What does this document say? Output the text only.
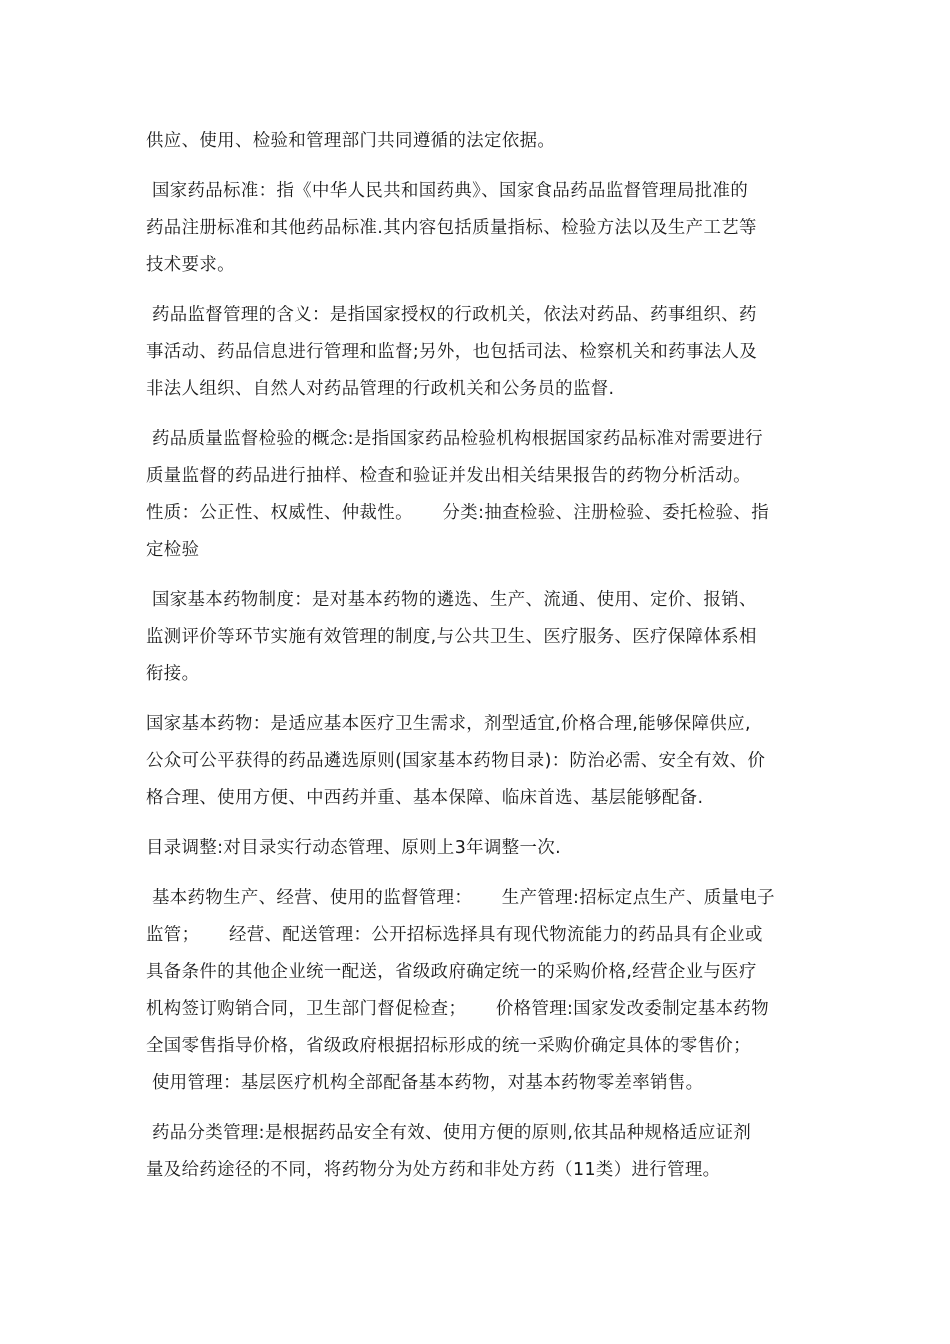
供应、使用、检验和管理部门共同遵循的法定依据。

国家药品标准：指《中华人民共和国药典》、国家食品药品监督管理局批准的
药品注册标准和其他药品标准.其内容包括质量指标、检验方法以及生产工艺等
技术要求。

药品监督管理的含义：是指国家授权的行政机关，依法对药品、药事组织、药
事活动、药品信息进行管理和监督;另外，也包括司法、检察机关和药事法人及
非法人组织、自然人对药品管理的行政机关和公务员的监督.

药品质量监督检验的概念:是指国家药品检验机构根据国家药品标准对需要进行
质量监督的药品进行抽样、检查和验证并发出相关结果报告的药物分析活动。
性质：公正性、权威性、仲裁性。     分类:抽查检验、注册检验、委托检验、指
定检验

国家基本药物制度：是对基本药物的遴选、生产、流通、使用、定价、报销、
监测评价等环节实施有效管理的制度,与公共卫生、医疗服务、医疗保障体系相
衔接。

国家基本药物：是适应基本医疗卫生需求，剂型适宜,价格合理,能够保障供应,
公众可公平获得的药品遴选原则(国家基本药物目录)：防治必需、安全有效、价
格合理、使用方便、中西药并重、基本保障、临床首选、基层能够配备.

目录调整:对目录实行动态管理、原则上3年调整一次.

基本药物生产、经营、使用的监督管理：     生产管理:招标定点生产、质量电子
监管；     经营、配送管理：公开招标选择具有现代物流能力的药品具有企业或
具备条件的其他企业统一配送，省级政府确定统一的采购价格,经营企业与医疗
机构签订购销合同，卫生部门督促检查；     价格管理:国家发改委制定基本药物
全国零售指导价格，省级政府根据招标形成的统一采购价确定具体的零售价；
使用管理：基层医疗机构全部配备基本药物，对基本药物零差率销售。

药品分类管理:是根据药品安全有效、使用方便的原则,依其品种规格适应证剂
量及给药途径的不同，将药物分为处方药和非处方药（11类）进行管理。
